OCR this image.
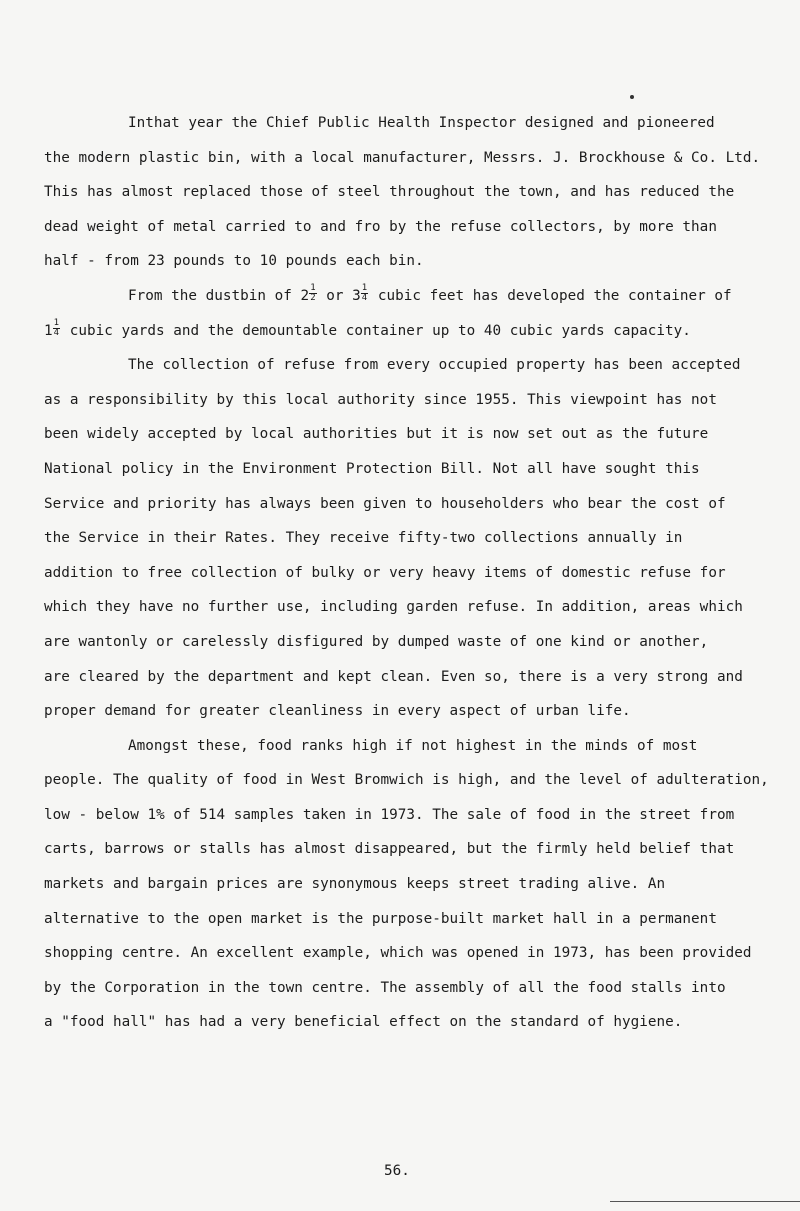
Inthat year the Chief Public Health Inspector designed and pioneered
the modern plastic bin, with a local manufacturer, Messrs. J. Brockhouse & Co. Ltd.
This has almost replaced those of steel throughout the town, and has reduced the
dead weight of metal carried to and fro by the refuse collectors, by more than
half - from 23 pounds to 10 pounds each bin.
From the dustbin of $2 \frac{1}{2}$ or $3 \frac{1}{4}$ cubic feet has developed the container of
$1 \frac{1}{4}$ cubic yards and the demountable container up to 40 cubic yards capacity.
The collection of refuse from every occupied property has been accepted
as a responsibility by this local authority since 1955. This viewpoint has not
been widely accepted by local authorities but it is now set out as the future
National policy in the Environment Protection Bill. Not all have sought this
Service and priority has always been given to householders who bear the cost of
the Service in their Rates. They receive fifty-two collections annually in
addition to free collection of bulky or very heavy items of domestic refuse for
which they have no further use, including garden refuse. In addition, areas which
are wantonly or carelessly disfigured by dumped waste of one kind or another,
are cleared by the department and kept clean. Even so, there is a very strong and
proper demand for greater cleanliness in every aspect of urban life.
Amongst these, food ranks high if not highest in the minds of most
people. The quality of food in West Bromwich is high, and the level of adulteration,
low - below 1% of 514 samples taken in 1973. The sale of food in the street from
carts, barrows or stalls has almost disappeared, but the firmly held belief that
markets and bargain prices are synonymous keeps street trading alive. An
alternative to the open market is the purpose-built market hall in a permanent
shopping centre. An excellent example, which was opened in 1973, has been provided
by the Corporation in the town centre. The assembly of all the food stalls into
a "food hall" has had a very beneficial effect on the standard of hygiene.
56.
